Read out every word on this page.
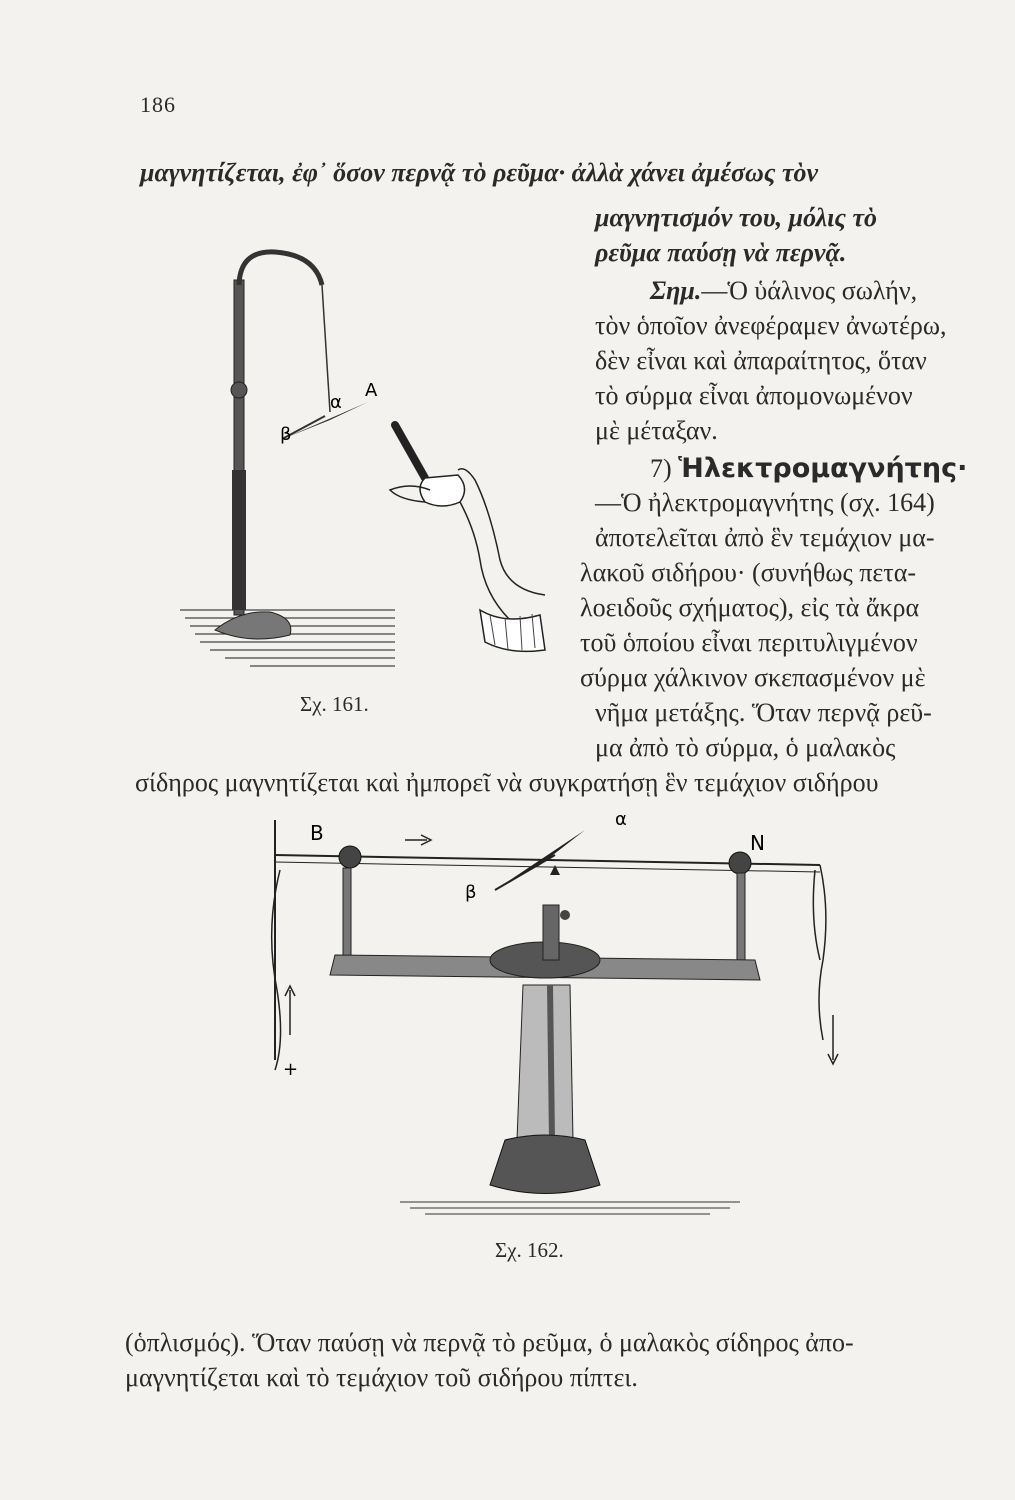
186
μαγνητίζεται, ἐφ᾽ ὅσον περνᾷ τὸ ρεῦμα· ἀλλὰ χάνει ἀμέσως τὸν
μαγνητισμόν του, μόλις τὸ
ρεῦμα παύσῃ νὰ περνᾷ.
Σημ.—Ὁ ὑάλινος σωλήν,
τὸν ὁποῖον ἀνεφέραμεν ἀνωτέρω,
δὲν εἶναι καὶ ἀπαραίτητος, ὅταν
τὸ σύρμα εἶναι ἀπομονωμένον
μὲ μέταξαν.
7) Ἡλεκτρομαγνήτης·
—Ὁ ἠλεκτρομαγνήτης (σχ. 164)
ἀποτελεῖται ἀπὸ ἓν τεμάχιον μα-
λακοῦ σιδήρου· (συνήθως πετα-
λοειδοῦς σχήματος), εἰς τὰ ἄκρα
τοῦ ὁποίου εἶναι περιτυλιγμένον
σύρμα χάλκινον σκεπασμένον μὲ
νῆμα μετάξης. Ὅταν περνᾷ ρεῦ-
μα ἀπὸ τὸ σύρμα, ὁ μαλακὸς
σίδηρος μαγνητίζεται καὶ ἠμπορεῖ νὰ συγκρατήσῃ ἓν τεμάχιον σιδήρου
α
A
β
Σχ. 161.
+
B	N
α
β
Σχ. 162.
(ὁπλισμός). Ὅταν παύσῃ νὰ περνᾷ τὸ ρεῦμα, ὁ μαλακὸς σίδηρος ἀπο-
μαγνητίζεται καὶ τὸ τεμάχιον τοῦ σιδήρου πίπτει.
